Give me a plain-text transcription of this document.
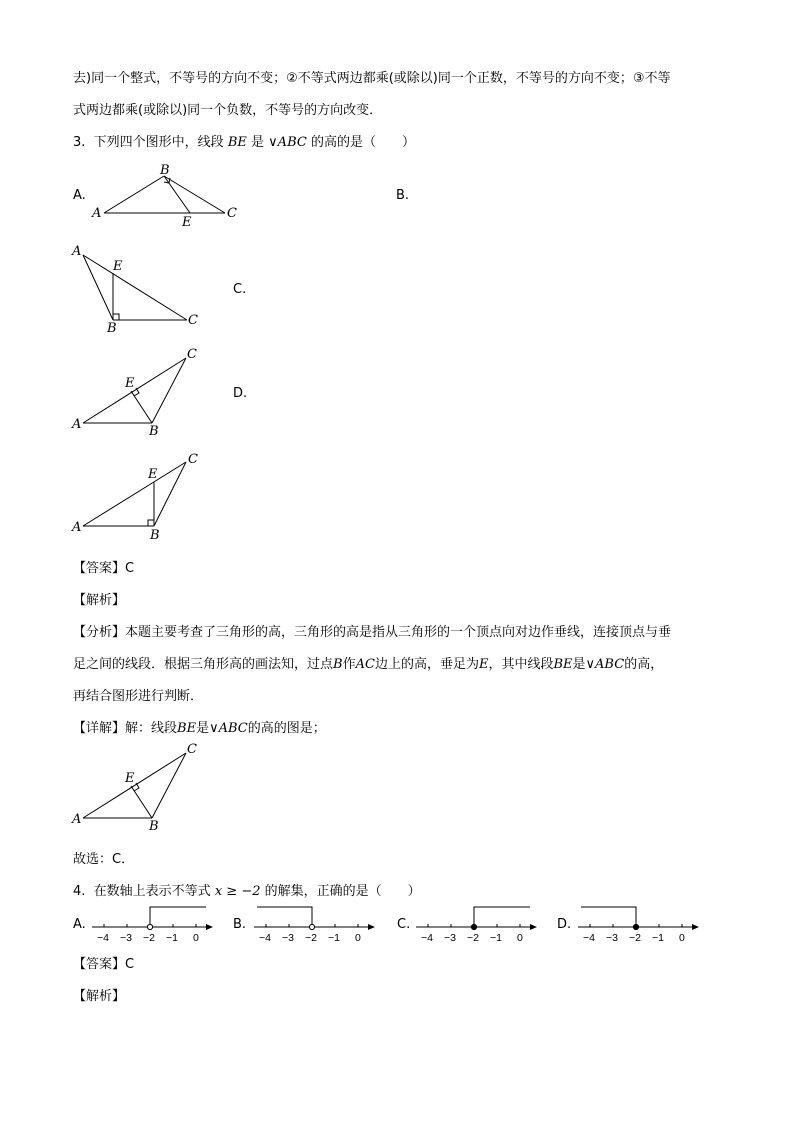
去)同一个整式，不等号的方向不变；②不等式两边都乘(或除以)同一个正数，不等号的方向不变；③不等
式两边都乘(或除以)同一个负数，不等号的方向改变．
3. 下列四个图形中，线段 BE 是 ∨ABC 的高的是（　　）
A.
A
B
C
E
B.
A
E
B
C
C.
A
E
B
C
D.
A
E
B
C
【答案】C
【解析】
【分析】本题主要考查了三角形的高，三角形的高是指从三角形的一个顶点向对边作垂线，连接顶点与垂
足之间的线段．根据三角形高的画法知，过点B作AC边上的高，垂足为E，其中线段BE是∨ABC的高，
再结合图形进行判断．
【详解】解：线段BE是∨ABC的高的图是；
A
E
B
C
故选：C．
4. 在数轴上表示不等式 x ≥ −2 的解集，正确的是（　　）
A.	B.	C.	D.
−4 −3 −2 −1 0	−4 −3 −2 −1 0	−4 −3 −2 −1 0	−4 −3 −2 −1 0
【答案】C
【解析】
